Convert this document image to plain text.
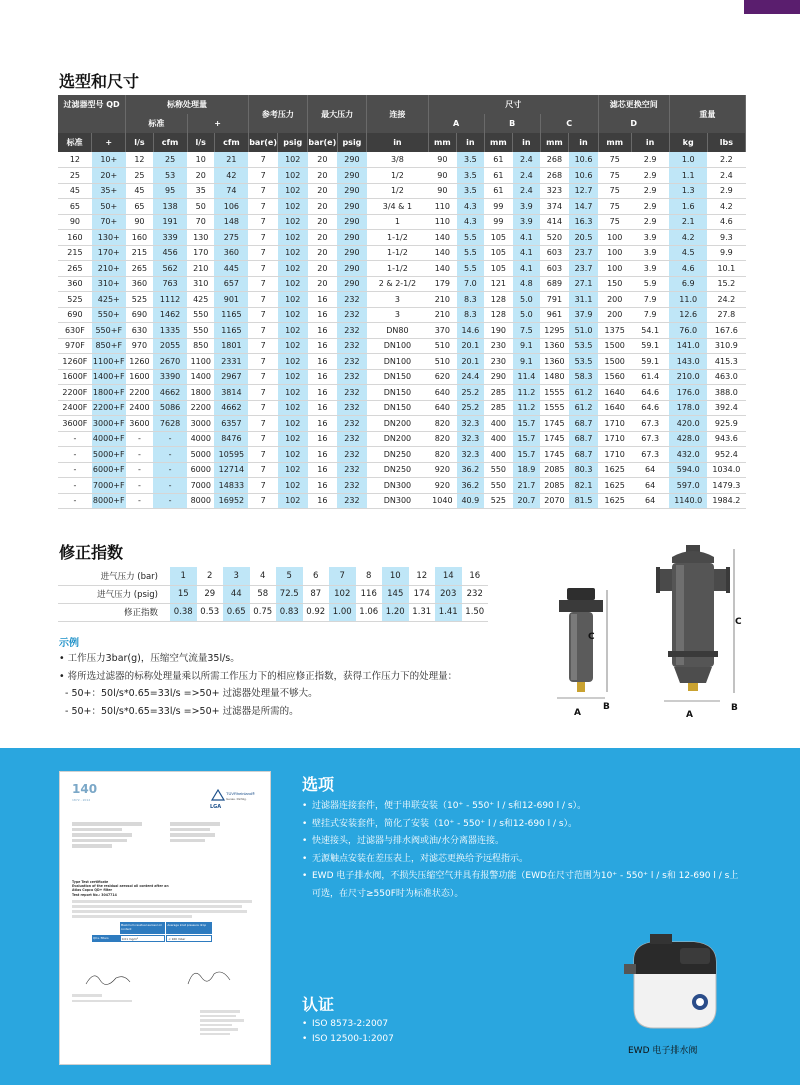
选型和尺寸
过滤器型号 QD		标称处理量				参考压力		最大压力		连接	尺寸						滤芯更换空间		重量	
		标准		+							A		B		C		D			
标准	+	l/s	cfm	l/s	cfm	bar(e)	psig	bar(e)	psig	in	mm	in	mm	in	mm	in	mm	in	kg	lbs
12	10+	12	25	10	21	7	102	20	290	3/8	90	3.5	61	2.4	268	10.6	75	2.9	1.0	2.2
25	20+	25	53	20	42	7	102	20	290	1/2	90	3.5	61	2.4	268	10.6	75	2.9	1.1	2.4
45	35+	45	95	35	74	7	102	20	290	1/2	90	3.5	61	2.4	323	12.7	75	2.9	1.3	2.9
65	50+	65	138	50	106	7	102	20	290	3/4 & 1	110	4.3	99	3.9	374	14.7	75	2.9	1.6	4.2
90	70+	90	191	70	148	7	102	20	290	1	110	4.3	99	3.9	414	16.3	75	2.9	2.1	4.6
160	130+	160	339	130	275	7	102	20	290	1-1/2	140	5.5	105	4.1	520	20.5	100	3.9	4.2	9.3
215	170+	215	456	170	360	7	102	20	290	1-1/2	140	5.5	105	4.1	603	23.7	100	3.9	4.5	9.9
265	210+	265	562	210	445	7	102	20	290	1-1/2	140	5.5	105	4.1	603	23.7	100	3.9	4.6	10.1
360	310+	360	763	310	657	7	102	20	290	2 & 2-1/2	179	7.0	121	4.8	689	27.1	150	5.9	6.9	15.2
525	425+	525	1112	425	901	7	102	16	232	3	210	8.3	128	5.0	791	31.1	200	7.9	11.0	24.2
690	550+	690	1462	550	1165	7	102	16	232	3	210	8.3	128	5.0	961	37.9	200	7.9	12.6	27.8
630F	550+F	630	1335	550	1165	7	102	16	232	DN80	370	14.6	190	7.5	1295	51.0	1375	54.1	76.0	167.6
970F	850+F	970	2055	850	1801	7	102	16	232	DN100	510	20.1	230	9.1	1360	53.5	1500	59.1	141.0	310.9
1260F	1100+F	1260	2670	1100	2331	7	102	16	232	DN100	510	20.1	230	9.1	1360	53.5	1500	59.1	143.0	415.3
1600F	1400+F	1600	3390	1400	2967	7	102	16	232	DN150	620	24.4	290	11.4	1480	58.3	1560	61.4	210.0	463.0
2200F	1800+F	2200	4662	1800	3814	7	102	16	232	DN150	640	25.2	285	11.2	1555	61.2	1640	64.6	176.0	388.0
2400F	2200+F	2400	5086	2200	4662	7	102	16	232	DN150	640	25.2	285	11.2	1555	61.2	1640	64.6	178.0	392.4
3600F	3000+F	3600	7628	3000	6357	7	102	16	232	DN200	820	32.3	400	15.7	1745	68.7	1710	67.3	420.0	925.9
-	4000+F	-	-	4000	8476	7	102	16	232	DN200	820	32.3	400	15.7	1745	68.7	1710	67.3	428.0	943.6
-	5000+F	-	-	5000	10595	7	102	16	232	DN250	820	32.3	400	15.7	1745	68.7	1710	67.3	432.0	952.4
-	6000+F	-	-	6000	12714	7	102	16	232	DN250	920	36.2	550	18.9	2085	80.3	1625	64	594.0	1034.0
-	7000+F	-	-	7000	14833	7	102	16	232	DN300	920	36.2	550	21.7	2085	82.1	1625	64	597.0	1479.3
-	8000+F	-	-	8000	16952	7	102	16	232	DN300	1040	40.9	525	20.7	2070	81.5	1625	64	1140.0	1984.2
修正指数
进气压力 (bar)	1	2	3	4	5	6	7	8	10	12	14	16
进气压力 (psig)	15	29	44	58	72.5	87	102	116	145	174	203	232
修正指数	0.38	0.53	0.65	0.75	0.83	0.92	1.00	1.06	1.20	1.31	1.41	1.50
示例
• 工作压力3bar(g)，压缩空气流量35l/s。
• 将所选过滤器的标称处理量乘以所需工作压力下的相应修正指数，获得工作压力下的处理量：
- 50+：50l/s*0.65=33l/s =>50+ 过滤器处理量不够大。
- 50+：50l/s*0.65=33l/s =>50+ 过滤器是所需的。
C
A
B
C
A
B
140
1872 - 2012
TÜVRheinland®
Genau. Richtig.
LGA
Type Test certificate
Evaluation of the residual aerosol oil content after an
Atlas Copco QD+ filter
Test report No.: 3047714
Maximum residual aerosol oil content
Average inlet pressure drop
QD+ filters	0.01 mg/m³	< 160 mbar
选项
• 过滤器连接套件，便于串联安装（10⁺ - 550⁺ l / s和12-690 l / s）。
• 壁挂式安装套件，简化了安装（10⁺ - 550⁺ l / s和12-690 l / s）。
• 快速接头，过滤器与排水阀或油/水分离器连接。
• 无源触点安装在差压表上，对滤芯更换给予远程指示。
• EWD 电子排水阀，不损失压缩空气并具有报警功能（EWD在尺寸范围为10⁺ - 550⁺ l / s和 12-690 l / s上可选，在尺寸≥550F时为标准状态）。
认证
• ISO 8573-2:2007
• ISO 12500-1:2007
EWD 电子排水阀
